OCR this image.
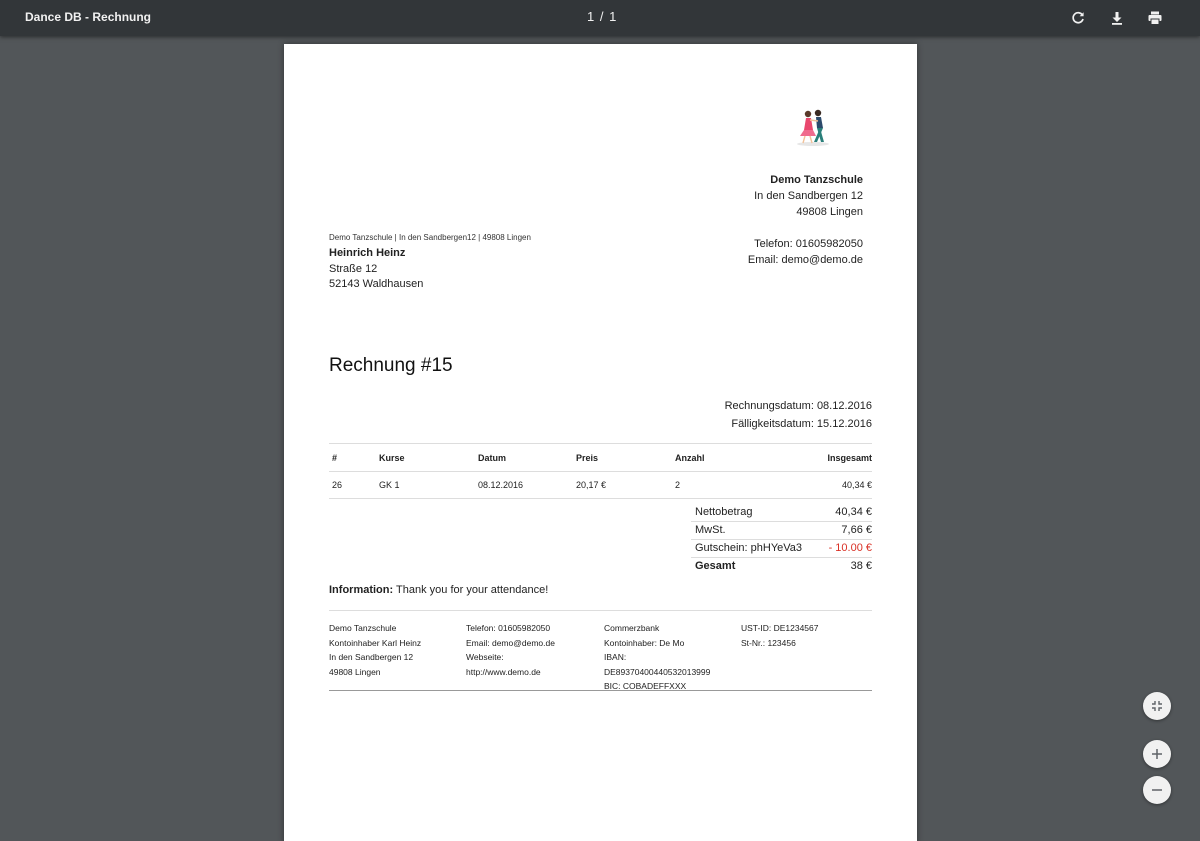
Dance DB - Rechnung	1 / 1
Demo Tanzschule
In den Sandbergen 12
49808 Lingen
Telefon: 01605982050
Email: demo@demo.de
Demo Tanzschule | In den Sandbergen12 | 49808 Lingen
Heinrich Heinz
Straße 12
52143 Waldhausen
Rechnung #15
Rechnungsdatum: 08.12.2016
Fälligkeitsdatum: 15.12.2016
#	Kurse	Datum	Preis	Anzahl	Insgesamt
26	GK 1	08.12.2016	20,17 €	2	40,34 €
Nettobetrag	40,34 €
MwSt.	7,66 €
Gutschein: phHYeVa3	- 10.00 €
Gesamt	38 €
Information: Thank you for your attendance!
Demo Tanzschule
Kontoinhaber Karl Heinz
In den Sandbergen 12
49808 Lingen
Telefon: 01605982050
Email: demo@demo.de
Webseite:
http://www.demo.de
Commerzbank
Kontoinhaber: De Mo
IBAN:
DE89370400440532013999
BIC: COBADEFFXXX
UST-ID: DE1234567
St-Nr.: 123456
